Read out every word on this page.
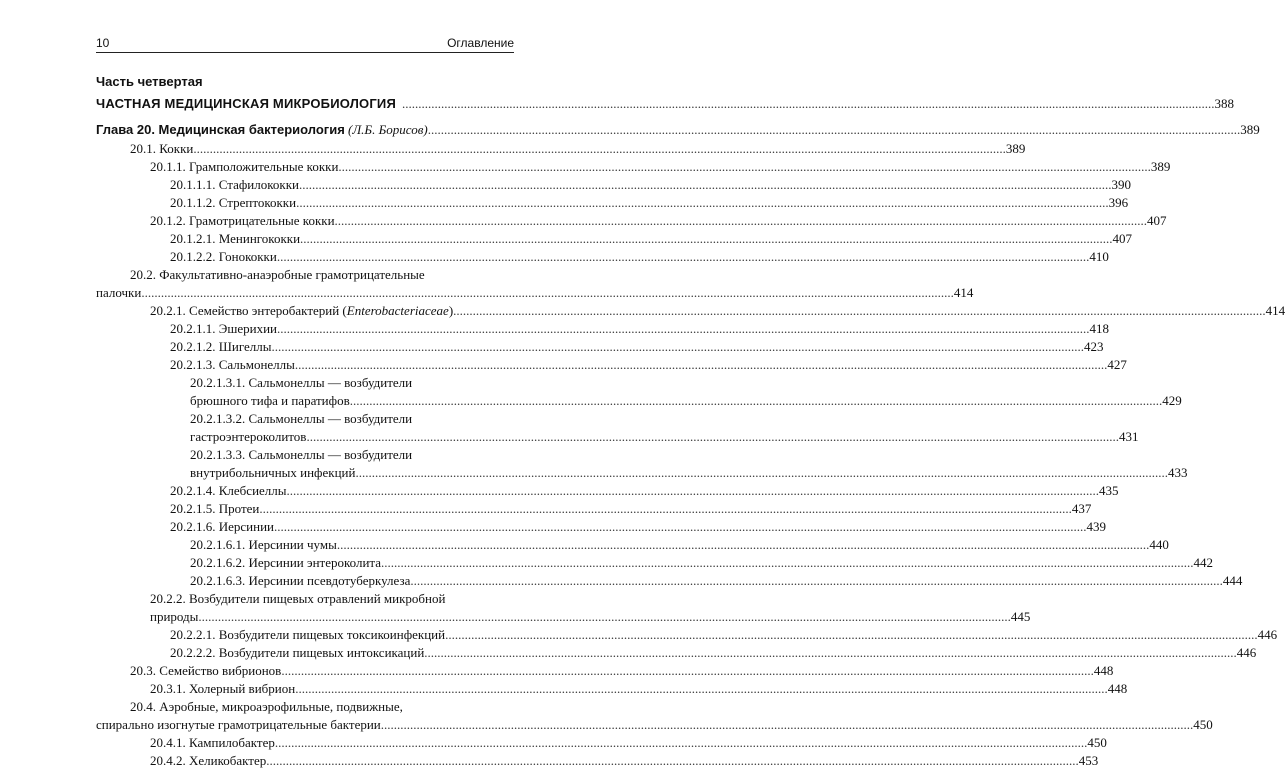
10	Оглавление
Часть четвертая
ЧАСТНАЯ МЕДИЦИНСКАЯ МИКРОБИОЛОГИЯ .......................................................................................................................................................................................................................................................... 388
Глава 20. Медицинская бактериология
(Л.Б. Борисов) .......................................................................................................................................................................................................................................................... 389
20.1. Кокки .......................................................................................................................................................................................................................................................... 389
20.1.1. Грамположительные кокки .......................................................................................................................................................................................................................................................... 389
20.1.1.1. Стафилококки .......................................................................................................................................................................................................................................................... 390
20.1.1.2. Стрептококки .......................................................................................................................................................................................................................................................... 396
20.1.2. Грамотрицательные кокки .......................................................................................................................................................................................................................................................... 407
20.1.2.1. Менингококки .......................................................................................................................................................................................................................................................... 407
20.1.2.2. Гонококки .......................................................................................................................................................................................................................................................... 410
20.2. Факультативно-анаэробные грамотрицательные
палочки .......................................................................................................................................................................................................................................................... 414
20.2.1. Семейство энтеробактерий ( Enterobacteriaceae ) .......................................................................................................................................................................................................................................................... 414
20.2.1.1. Эшерихии .......................................................................................................................................................................................................................................................... 418
20.2.1.2. Шигеллы .......................................................................................................................................................................................................................................................... 423
20.2.1.3. Сальмонеллы .......................................................................................................................................................................................................................................................... 427
20.2.1.3.1. Сальмонеллы — возбудители
брюшного тифа и паратифов .......................................................................................................................................................................................................................................................... 429
20.2.1.3.2. Сальмонеллы — возбудители
гастроэнтероколитов .......................................................................................................................................................................................................................................................... 431
20.2.1.3.3. Сальмонеллы — возбудители
внутрибольничных инфекций .......................................................................................................................................................................................................................................................... 433
20.2.1.4. Клебсиеллы .......................................................................................................................................................................................................................................................... 435
20.2.1.5. Протеи .......................................................................................................................................................................................................................................................... 437
20.2.1.6. Иерсинии .......................................................................................................................................................................................................................................................... 439
20.2.1.6.1. Иерсинии чумы .......................................................................................................................................................................................................................................................... 440
20.2.1.6.2. Иерсинии энтероколита .......................................................................................................................................................................................................................................................... 442
20.2.1.6.3. Иерсинии псевдотуберкулеза .......................................................................................................................................................................................................................................................... 444
20.2.2. Возбудители пищевых отравлений микробной
природы .......................................................................................................................................................................................................................................................... 445
20.2.2.1. Возбудители пищевых токсикоинфекций .......................................................................................................................................................................................................................................................... 446
20.2.2.2. Возбудители пищевых интоксикаций .......................................................................................................................................................................................................................................................... 446
20.3. Семейство вибрионов .......................................................................................................................................................................................................................................................... 448
20.3.1. Холерный вибрион .......................................................................................................................................................................................................................................................... 448
20.4. Аэробные, микроаэрофильные, подвижные,
спирально изогнутые грамотрицательные бактерии .......................................................................................................................................................................................................................................................... 450
20.4.1. Кампилобактер .......................................................................................................................................................................................................................................................... 450
20.4.2. Хеликобактер .......................................................................................................................................................................................................................................................... 453
